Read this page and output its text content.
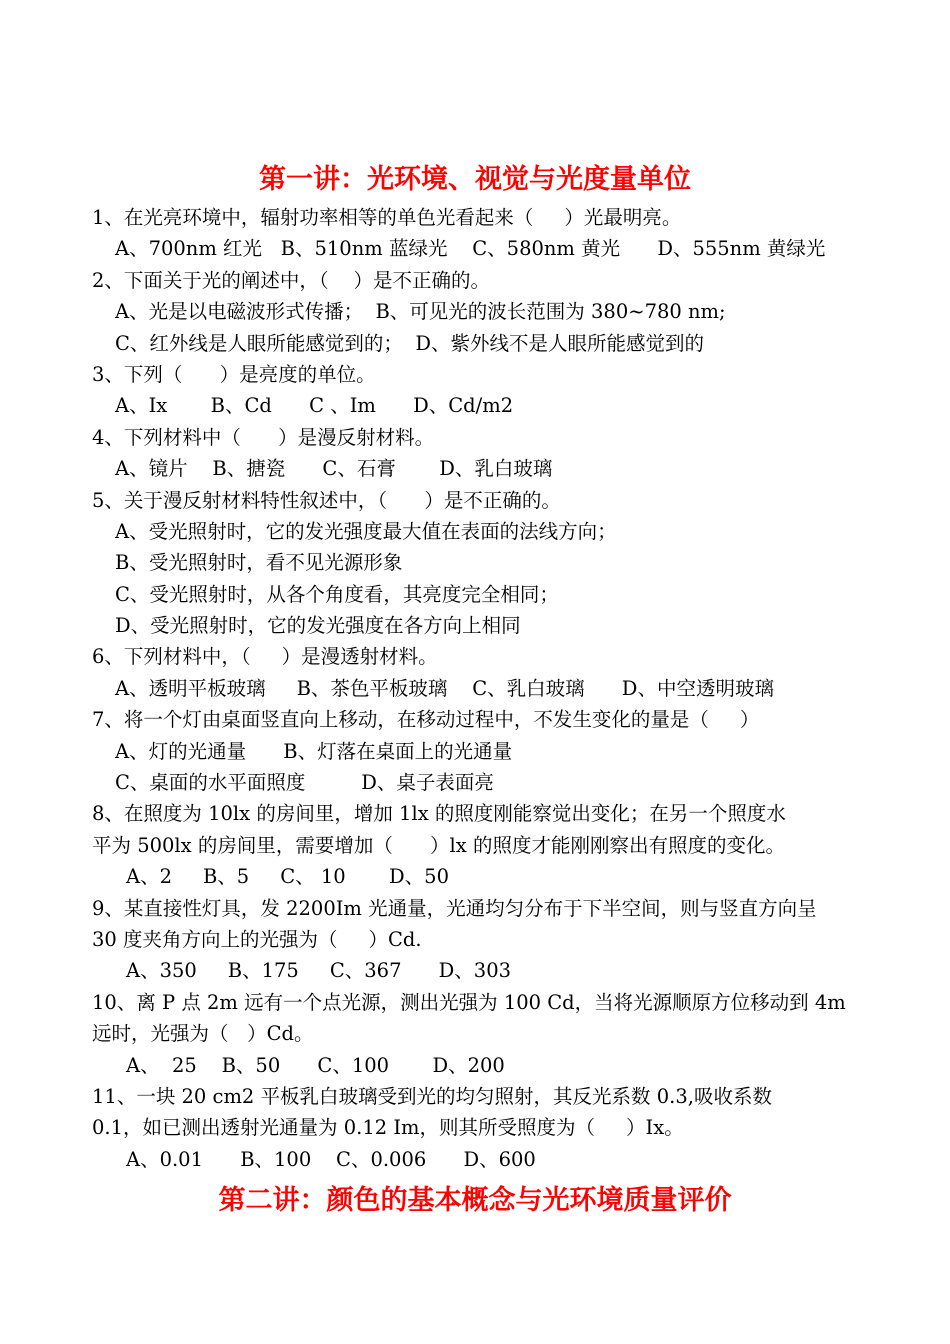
第一讲：光环境、视觉与光度量单位
1、在光亮环境中，辐射功率相等的单色光看起来（     ）光最明亮。
A、700nm 红光   B、510nm 蓝绿光    C、580nm 黄光      D、555nm 黄绿光
2、下面关于光的阐述中，（    ）是不正确的。
A、光是以电磁波形式传播；  B、可见光的波长范围为 380~780 nm;
C、红外线是人眼所能感觉到的；  D、紫外线不是人眼所能感觉到的
3、下列（      ）是亮度的单位。
A、Ix       B、Cd      C 、Im      D、Cd/m2
4、下列材料中（      ）是漫反射材料。
A、镜片    B、搪瓷      C、石膏       D、乳白玻璃
5、关于漫反射材料特性叙述中，（      ）是不正确的。
A、受光照射时，它的发光强度最大值在表面的法线方向；
B、受光照射时，看不见光源形象
C、受光照射时，从各个角度看，其亮度完全相同；
D、受光照射时，它的发光强度在各方向上相同
6、下列材料中，（     ）是漫透射材料。
A、透明平板玻璃     B、茶色平板玻璃    C、乳白玻璃      D、中空透明玻璃
7、将一个灯由桌面竖直向上移动，在移动过程中，不发生变化的量是（     ）
A、灯的光通量      B、灯落在桌面上的光通量
C、桌面的水平面照度         D、桌子表面亮
8、在照度为 10lx 的房间里，增加 1lx 的照度刚能察觉出变化；在另一个照度水
平为 500lx 的房间里，需要增加（      ）lx 的照度才能刚刚察出有照度的变化。
A、2     B、5     C、 10       D、50
9、某直接性灯具，发 2200Im 光通量，光通均匀分布于下半空间，则与竖直方向呈
30 度夹角方向上的光强为（     ）Cd.
A、350     B、175     C、367      D、303
10、离 P 点 2m 远有一个点光源，测出光强为 100 Cd，当将光源顺原方位移动到 4m
远时，光强为（   ）Cd。
A、  25    B、50      C、100       D、200
11、一块 20 cm2 平板乳白玻璃受到光的均匀照射，其反光系数 0.3,吸收系数
0.1，如已测出透射光通量为 0.12 Im，则其所受照度为（     ）Ix。
A、0.01      B、100    C、0.006      D、600
第二讲：颜色的基本概念与光环境质量评价
